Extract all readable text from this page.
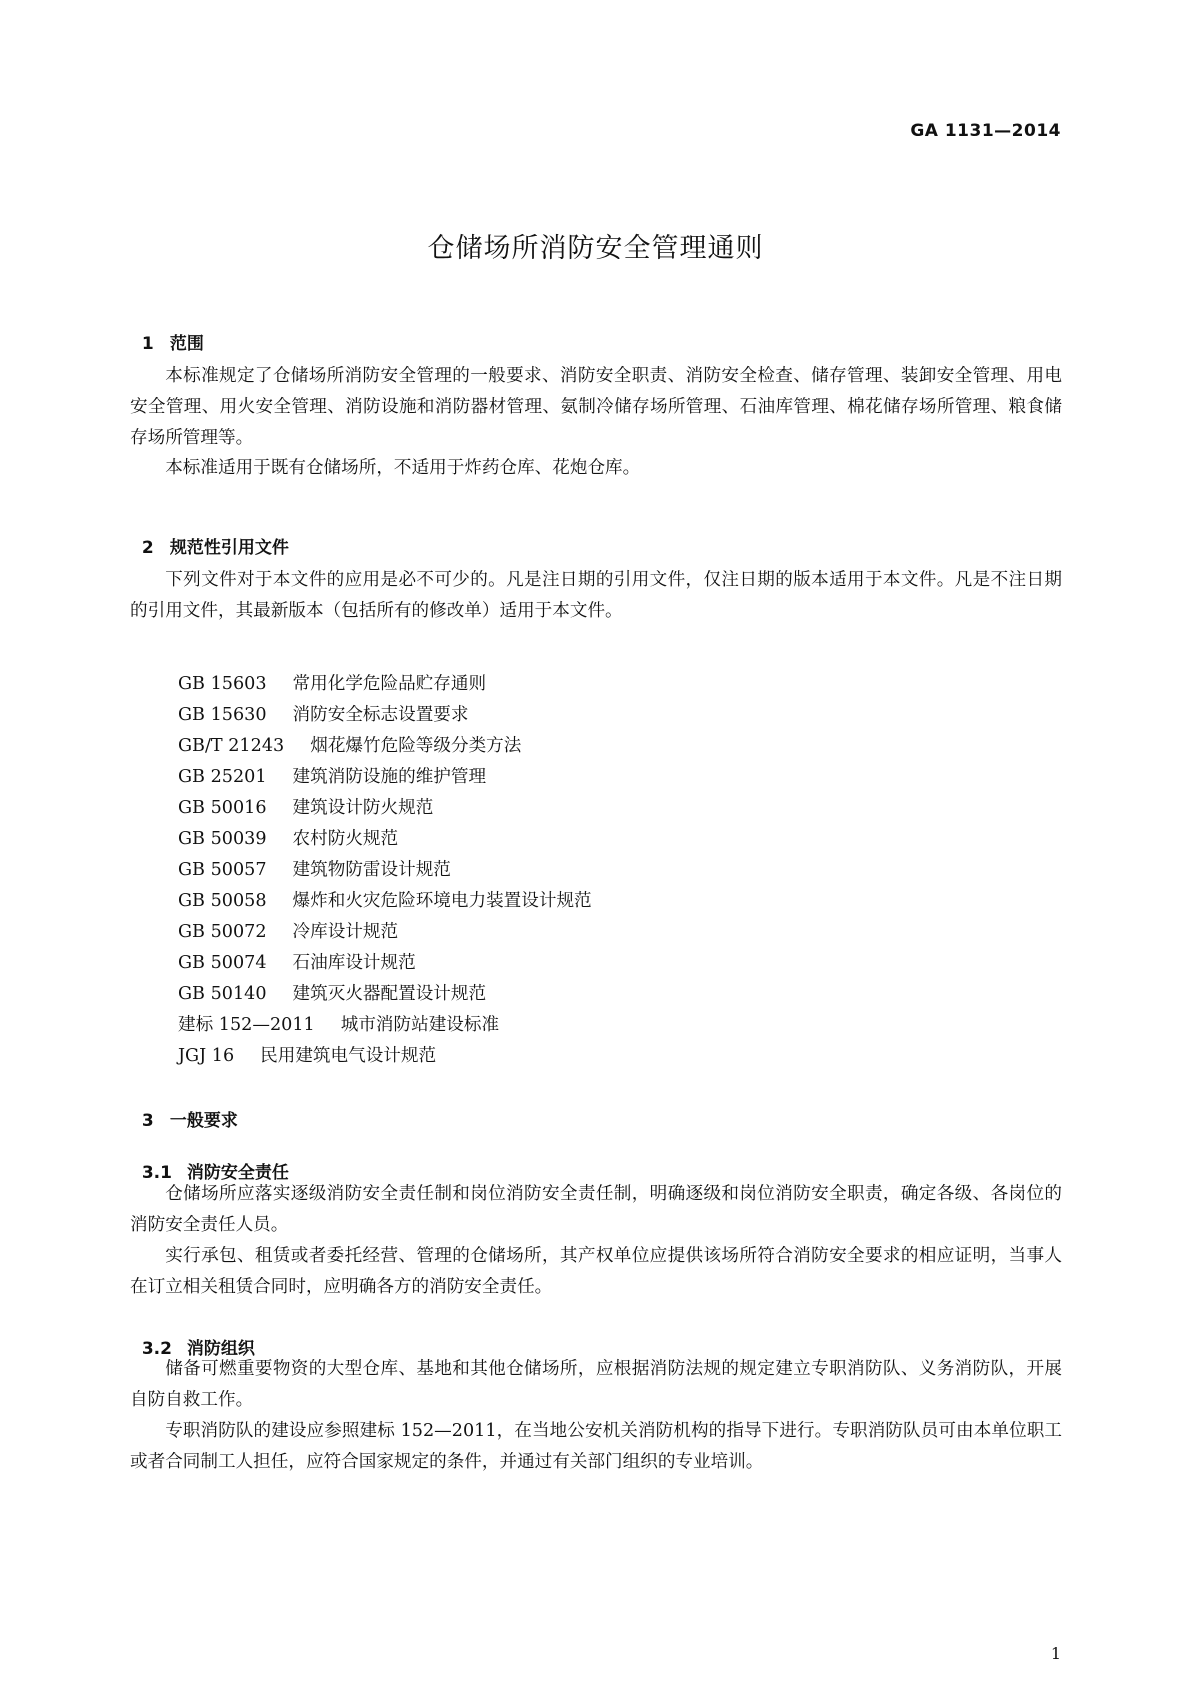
GA 1131—2014
仓储场所消防安全管理通则

1 范围

本标准规定了仓储场所消防安全管理的一般要求、消防安全职责、消防安全检查、储存管理、装卸安全管理、用电安全管理、用火安全管理、消防设施和消防器材管理、氨制冷储存场所管理、石油库管理、棉花储存场所管理、粮食储存场所管理等。

本标准适用于既有仓储场所，不适用于炸药仓库、花炮仓库。

2 规范性引用文件

下列文件对于本文件的应用是必不可少的。凡是注日期的引用文件，仅注日期的版本适用于本文件。凡是不注日期的引用文件，其最新版本（包括所有的修改单）适用于本文件。

GB 15603 常用化学危险品贮存通则
GB 15630 消防安全标志设置要求
GB/T 21243 烟花爆竹危险等级分类方法
GB 25201 建筑消防设施的维护管理
GB 50016 建筑设计防火规范
GB 50039 农村防火规范
GB 50057 建筑物防雷设计规范
GB 50058 爆炸和火灾危险环境电力装置设计规范
GB 50072 冷库设计规范
GB 50074 石油库设计规范
GB 50140 建筑灭火器配置设计规范
建标 152—2011 城市消防站建设标准
JGJ 16 民用建筑电气设计规范

3 一般要求

3.1 消防安全责任

仓储场所应落实逐级消防安全责任制和岗位消防安全责任制，明确逐级和岗位消防安全职责，确定各级、各岗位的消防安全责任人员。

实行承包、租赁或者委托经营、管理的仓储场所，其产权单位应提供该场所符合消防安全要求的相应证明，当事人在订立相关租赁合同时，应明确各方的消防安全责任。

3.2 消防组织

储备可燃重要物资的大型仓库、基地和其他仓储场所，应根据消防法规的规定建立专职消防队、义务消防队，开展自防自救工作。

专职消防队的建设应参照建标 152—2011，在当地公安机关消防机构的指导下进行。专职消防队员可由本单位职工或者合同制工人担任，应符合国家规定的条件，并通过有关部门组织的专业培训。

1
